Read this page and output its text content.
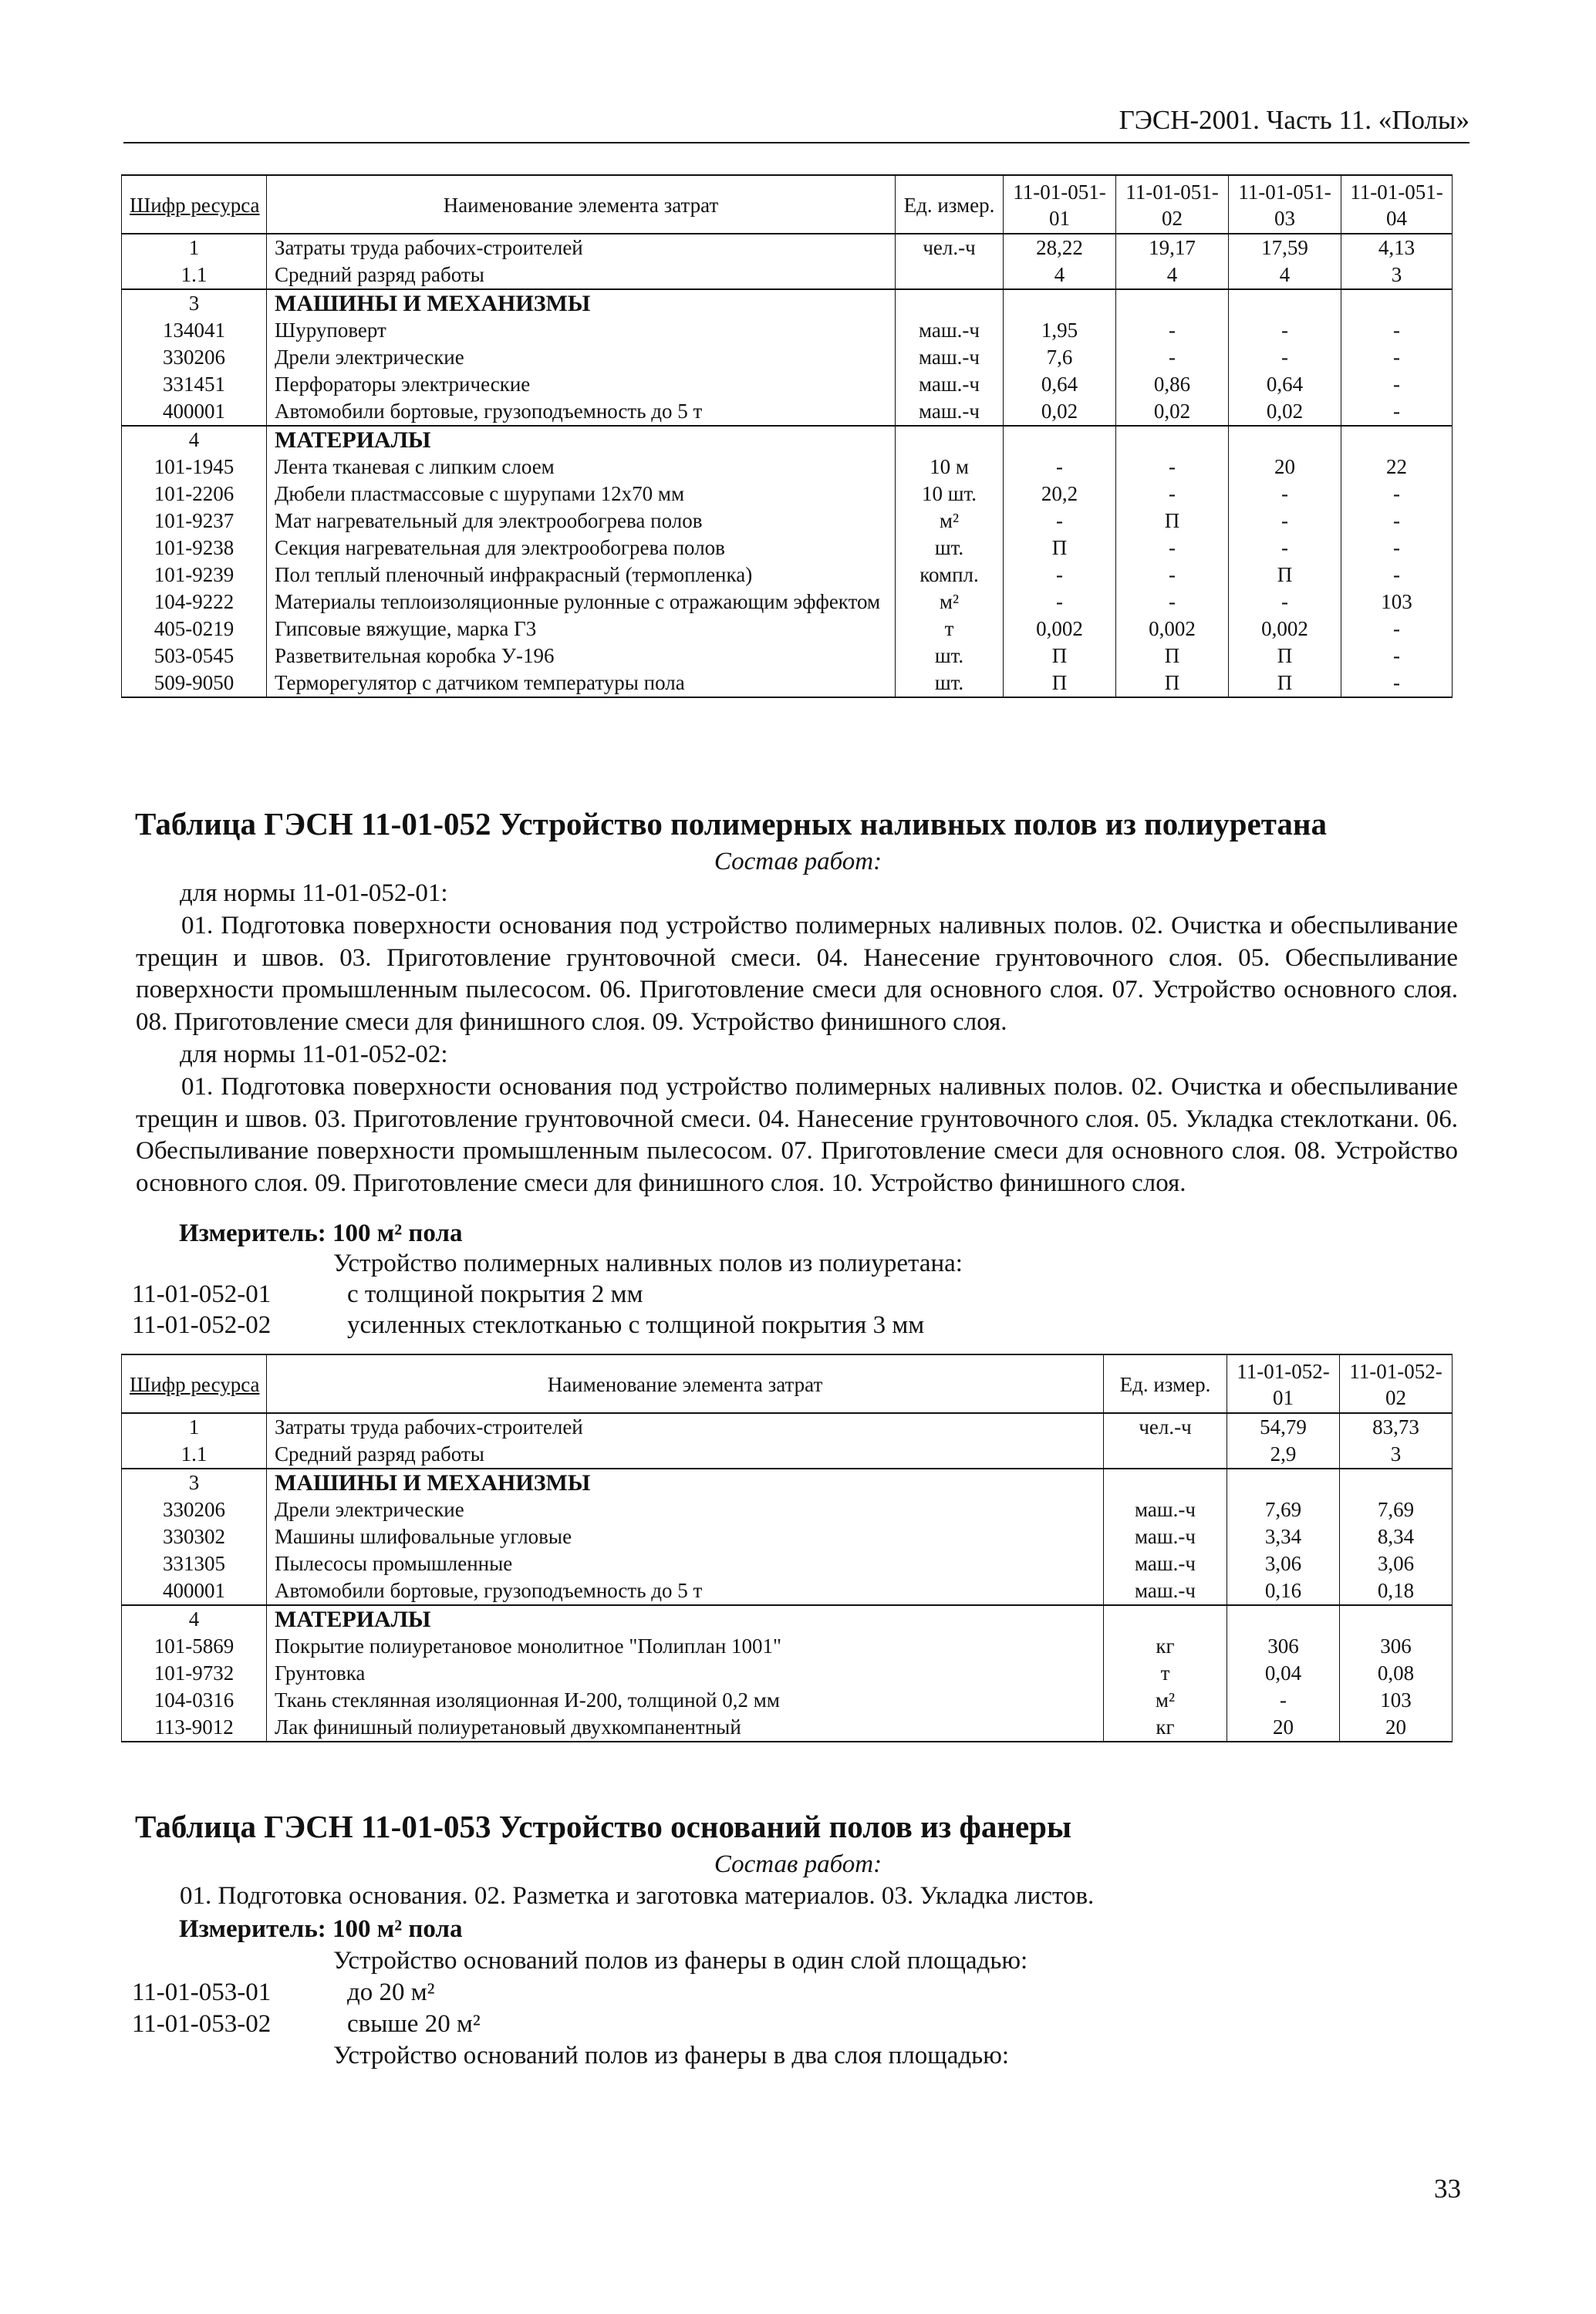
ГЭСН-2001. Часть 11. «Полы»
Шифр ресурса	Наименование элемента затрат	Ед. измер.	11-01-051-01	11-01-051-02	11-01-051-03	11-01-051-04
1	Затраты труда рабочих-строителей	чел.-ч	28,22	19,17	17,59	4,13
1.1	Средний разряд работы		4	4	4	3
3	МАШИНЫ И МЕХАНИЗМЫ					
134041	Шуруповерт	маш.-ч	1,95	-	-	-
330206	Дрели электрические	маш.-ч	7,6	-	-	-
331451	Перфораторы электрические	маш.-ч	0,64	0,86	0,64	-
400001	Автомобили бортовые, грузоподъемность до 5 т	маш.-ч	0,02	0,02	0,02	-
4	МАТЕРИАЛЫ					
101-1945	Лента тканевая с липким слоем	10 м	-	-	20	22
101-2206	Дюбели пластмассовые с шурупами 12х70 мм	10 шт.	20,2	-	-	-
101-9237	Мат нагревательный для электрообогрева полов	м²	-	П	-	-
101-9238	Секция нагревательная для электрообогрева полов	шт.	П	-	-	-
101-9239	Пол теплый пленочный инфракрасный (термопленка)	компл.	-	-	П	-
104-9222	Материалы теплоизоляционные рулонные с отражающим эффектом	м²	-	-	-	103
405-0219	Гипсовые вяжущие, марка Г3	т	0,002	0,002	0,002	-
503-0545	Разветвительная коробка У-196	шт.	П	П	П	-
509-9050	Терморегулятор с датчиком температуры пола	шт.	П	П	П	-
Таблица ГЭСН 11-01-052 Устройство полимерных наливных полов из полиуретана
Состав работ:
для нормы 11-01-052-01:
01. Подготовка поверхности основания под устройство полимерных наливных полов. 02. Очистка и обеспыливание трещин и швов. 03. Приготовление грунтовочной смеси. 04. Нанесение грунтовочного слоя. 05. Обеспыливание поверхности промышленным пылесосом. 06. Приготовление смеси для основного слоя. 07. Устройство основного слоя. 08. Приготовление смеси для финишного слоя. 09. Устройство финишного слоя.
для нормы 11-01-052-02:
01. Подготовка поверхности основания под устройство полимерных наливных полов. 02. Очистка и обеспыливание трещин и швов. 03. Приготовление грунтовочной смеси. 04. Нанесение грунтовочного слоя. 05. Укладка стеклоткани. 06. Обеспыливание поверхности промышленным пылесосом. 07. Приготовление смеси для основного слоя. 08. Устройство основного слоя. 09. Приготовление смеси для финишного слоя. 10. Устройство финишного слоя.
Измеритель: 100 м² пола
Устройство полимерных наливных полов из полиуретана:
11-01-052-01	с толщиной покрытия 2 мм
11-01-052-02	усиленных стеклотканью с толщиной покрытия 3 мм
Шифр ресурса	Наименование элемента затрат	Ед. измер.	11-01-052-01	11-01-052-02
1	Затраты труда рабочих-строителей	чел.-ч	54,79	83,73
1.1	Средний разряд работы		2,9	3
3	МАШИНЫ И МЕХАНИЗМЫ			
330206	Дрели электрические	маш.-ч	7,69	7,69
330302	Машины шлифовальные угловые	маш.-ч	3,34	8,34
331305	Пылесосы промышленные	маш.-ч	3,06	3,06
400001	Автомобили бортовые, грузоподъемность до 5 т	маш.-ч	0,16	0,18
4	МАТЕРИАЛЫ			
101-5869	Покрытие полиуретановое монолитное "Полиплан 1001"	кг	306	306
101-9732	Грунтовка	т	0,04	0,08
104-0316	Ткань стеклянная изоляционная И-200, толщиной 0,2 мм	м²	-	103
113-9012	Лак финишный полиуретановый двухкомпанентный	кг	20	20
Таблица ГЭСН 11-01-053 Устройство оснований полов из фанеры
Состав работ:
01. Подготовка основания. 02. Разметка и заготовка материалов. 03. Укладка листов.
Измеритель: 100 м² пола
Устройство оснований полов из фанеры в один слой площадью:
11-01-053-01	до 20 м²
11-01-053-02	свыше 20 м²
Устройство оснований полов из фанеры в два слоя площадью:
33
